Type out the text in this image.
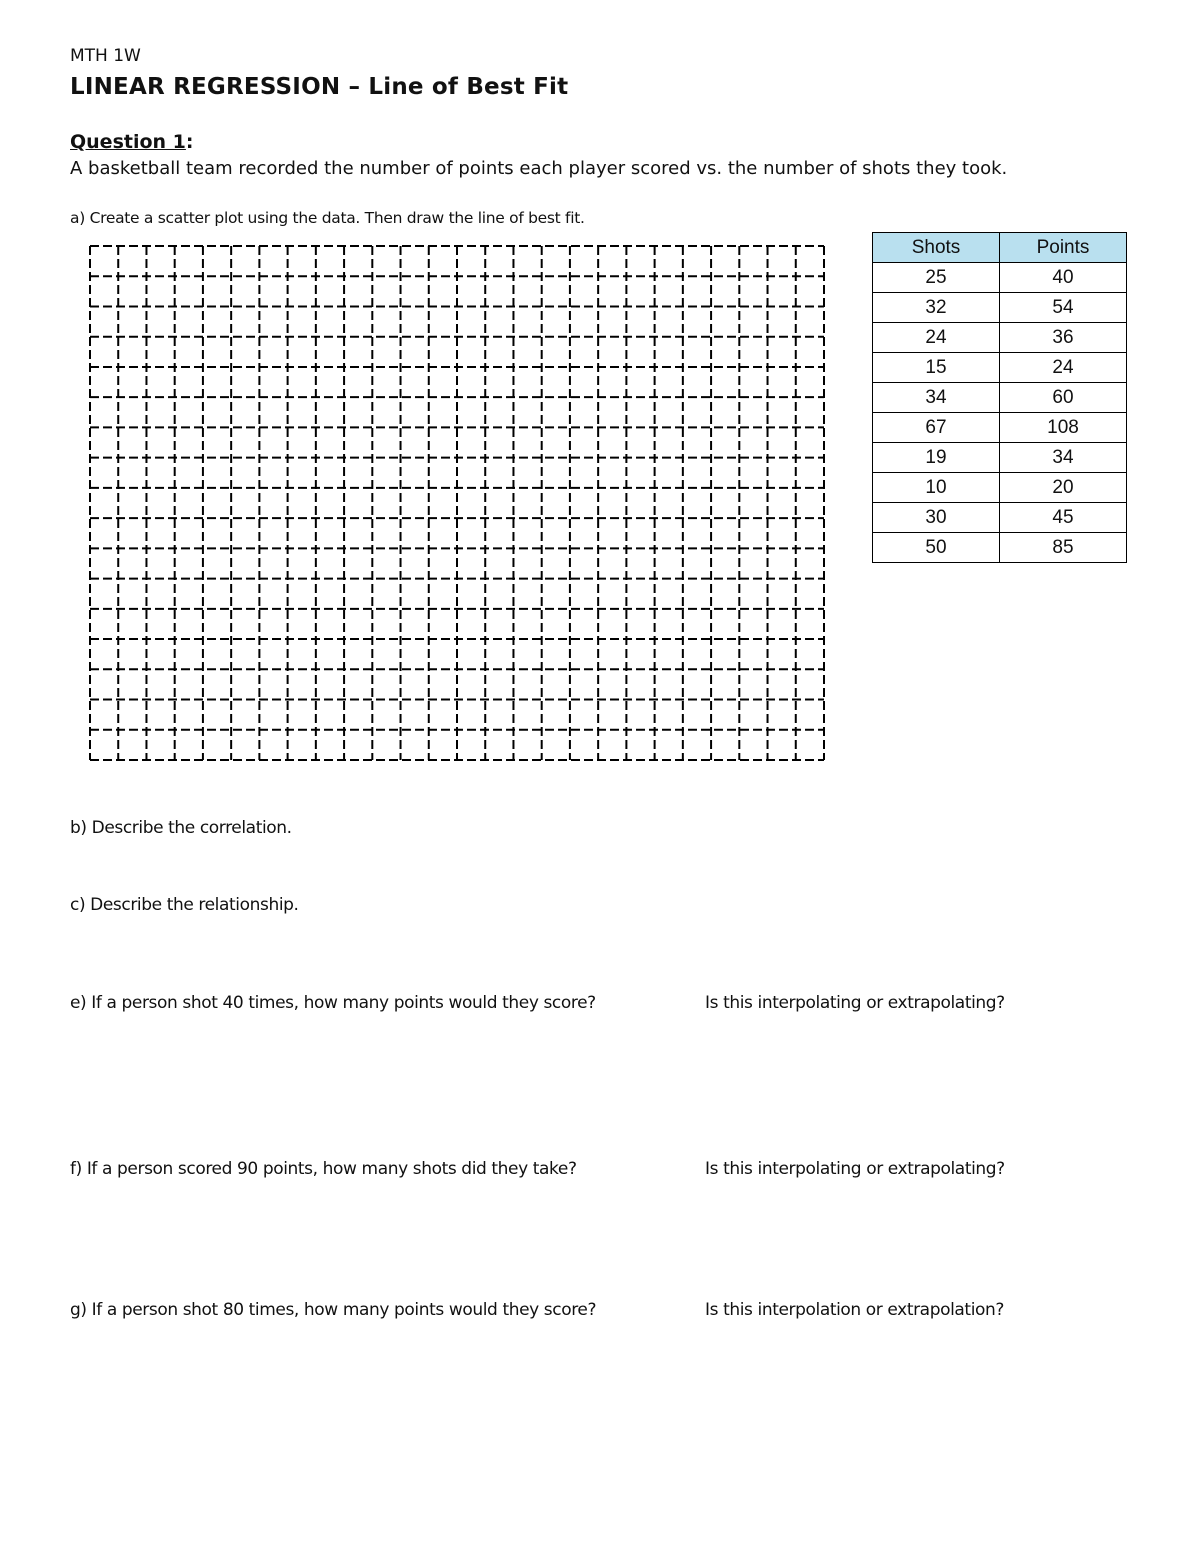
MTH 1W
LINEAR REGRESSION – Line of Best Fit
Question 1:
A basketball team recorded the number of points each player scored vs. the number of shots they took.
a) Create a scatter plot using the data. Then draw the line of best fit.
Shots	Points
25	40
32	54
24	36
15	24
34	60
67	108
19	34
10	20
30	45
50	85
b) Describe the correlation.
c) Describe the relationship.
e) If a person shot 40 times, how many points would they score?	Is this interpolating or extrapolating?
f) If a person scored 90 points, how many shots did they take?	Is this interpolating or extrapolating?
g) If a person shot 80 times, how many points would they score?	Is this interpolation or extrapolation?
